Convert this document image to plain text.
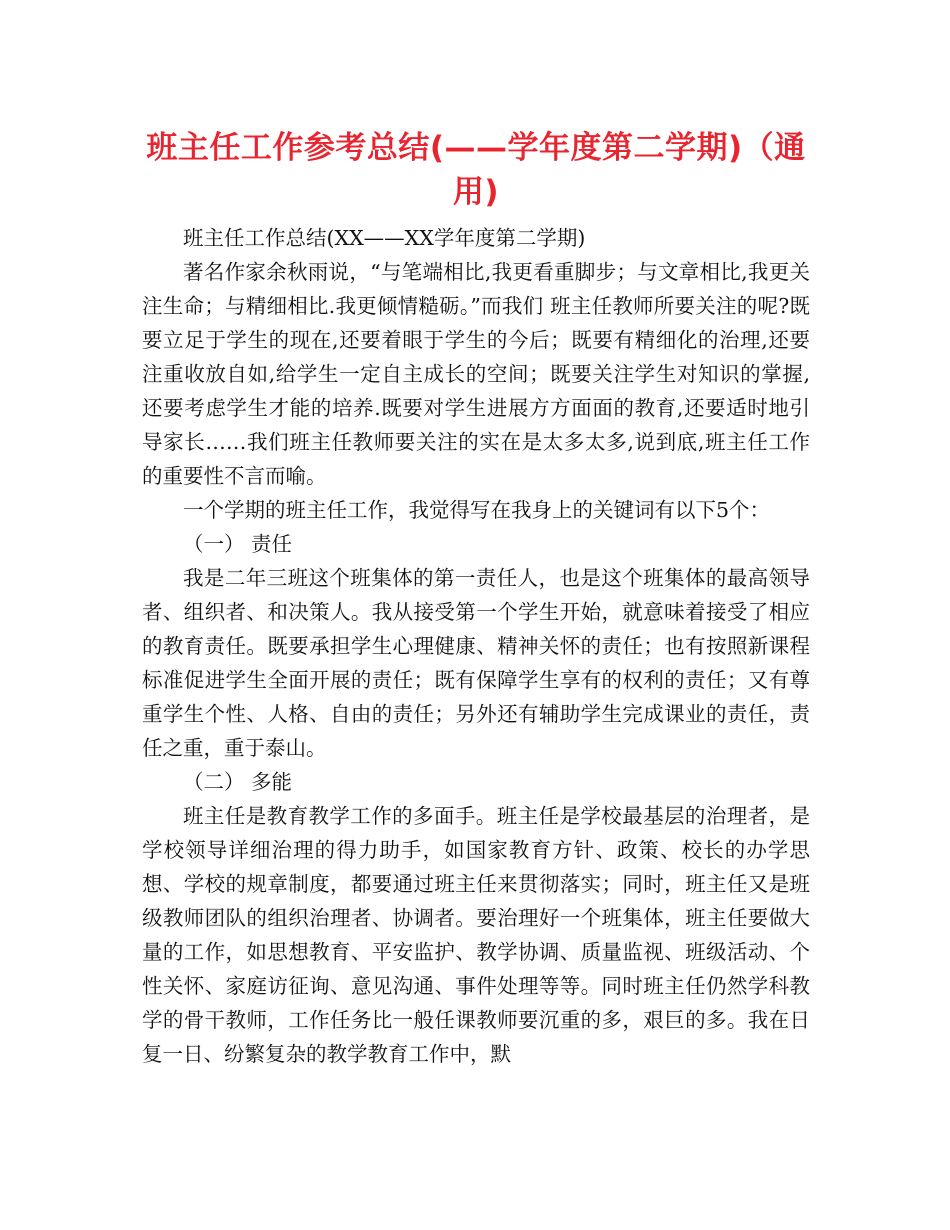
班主任工作参考总结(——学年度第二学期)（通用)

班主任工作总结(XX——XX学年度第二学期)

著名作家余秋雨说，“与笔端相比,我更看重脚步；与文章相比,我更关注生命；与精细相比.我更倾情糙砺。”而我们 班主任教师所要关注的呢?既要立足于学生的现在,还要着眼于学生的今后；既要有精细化的治理,还要注重收放自如,给学生一定自主成长的空间；既要关注学生对知识的掌握,还要考虑学生才能的培养.既要对学生进展方方面面的教育,还要适时地引导家长……我们班主任教师要关注的实在是太多太多,说到底,班主任工作的重要性不言而喻。

一个学期的班主任工作，我觉得写在我身上的关键词有以下5个：

（一） 责任

我是二年三班这个班集体的第一责任人，也是这个班集体的最高领导者、组织者、和决策人。我从接受第一个学生开始，就意味着接受了相应的教育责任。既要承担学生心理健康、精神关怀的责任；也有按照新课程标准促进学生全面开展的责任；既有保障学生享有的权利的责任；又有尊重学生个性、人格、自由的责任；另外还有辅助学生完成课业的责任，责任之重，重于泰山。

（二） 多能

班主任是教育教学工作的多面手。班主任是学校最基层的治理者，是学校领导详细治理的得力助手，如国家教育方针、政策、校长的办学思想、学校的规章制度，都要通过班主任来贯彻落实；同时，班主任又是班级教师团队的组织治理者、协调者。要治理好一个班集体，班主任要做大量的工作，如思想教育、平安监护、教学协调、质量监视、班级活动、个性关怀、家庭访征询、意见沟通、事件处理等等。同时班主任仍然学科教学的骨干教师，工作任务比一般任课教师要沉重的多，艰巨的多。我在日复一日、纷繁复杂的教学教育工作中，默
